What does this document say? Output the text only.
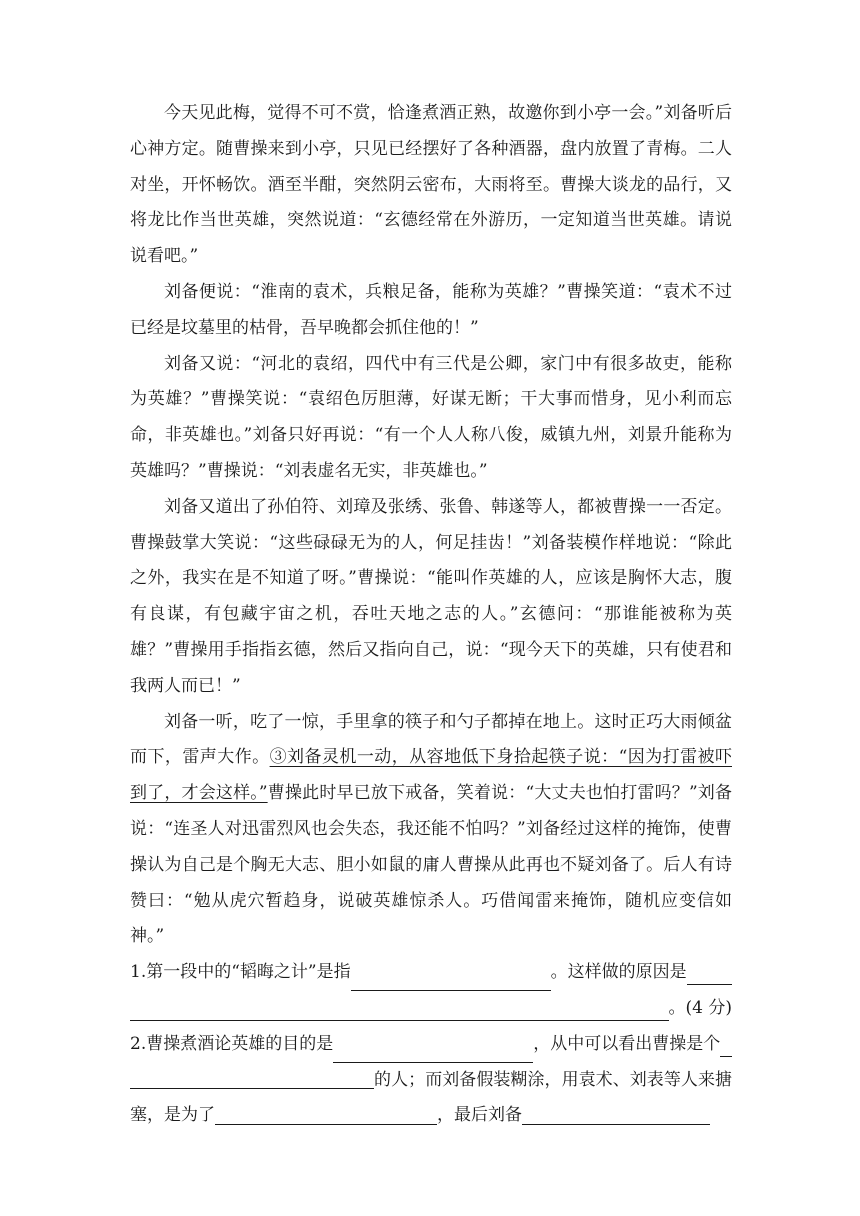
今天见此梅，觉得不可不赏，恰逢煮酒正熟，故邀你到小亭一会。”刘备听后心神方定。随曹操来到小亭，只见已经摆好了各种酒器，盘内放置了青梅。二人对坐，开怀畅饮。酒至半酣，突然阴云密布，大雨将至。曹操大谈龙的品行，又将龙比作当世英雄，突然说道：“玄德经常在外游历，一定知道当世英雄。请说说看吧。”

刘备便说：“淮南的袁术，兵粮足备，能称为英雄？”曹操笑道：“袁术不过已经是坟墓里的枯骨，吾早晚都会抓住他的！”

刘备又说：“河北的袁绍，四代中有三代是公卿，家门中有很多故吏，能称为英雄？”曹操笑说：“袁绍色厉胆薄，好谋无断；干大事而惜身，见小利而忘命，非英雄也。”刘备只好再说：“有一个人人称八俊，威镇九州，刘景升能称为英雄吗？”曹操说：“刘表虚名无实，非英雄也。”

刘备又道出了孙伯符、刘璋及张绣、张鲁、韩遂等人，都被曹操一一否定。曹操鼓掌大笑说：“这些碌碌无为的人，何足挂齿！”刘备装模作样地说：“除此之外，我实在是不知道了呀。”曹操说：“能叫作英雄的人，应该是胸怀大志，腹有良谋，有包藏宇宙之机，吞吐天地之志的人。”玄德问：“那谁能被称为英雄？”曹操用手指指玄德，然后又指向自己，说：“现今天下的英雄，只有使君和我两人而已！”

刘备一听，吃了一惊，手里拿的筷子和勺子都掉在地上。这时正巧大雨倾盆而下，雷声大作。③刘备灵机一动，从容地低下身拾起筷子说：“因为打雷被吓到了，才会这样。”曹操此时早已放下戒备，笑着说：“大丈夫也怕打雷吗？”刘备说：“连圣人对迅雷烈风也会失态，我还能不怕吗？”刘备经过这样的掩饰，使曹操认为自己是个胸无大志、胆小如鼠的庸人曹操从此再也不疑刘备了。后人有诗赞曰：“勉从虎穴暂趋身，说破英雄惊杀人。巧借闻雷来掩饰，随机应变信如神。”

1.第一段中的“韬晦之计”是指	。这样做的原因是
。(4 分)
2.曹操煮酒论英雄的目的是	，从中可以看出曹操是个

的人；而刘备假装糊涂，用袁术、刘表等人来搪塞，是为了	，最后刘备
